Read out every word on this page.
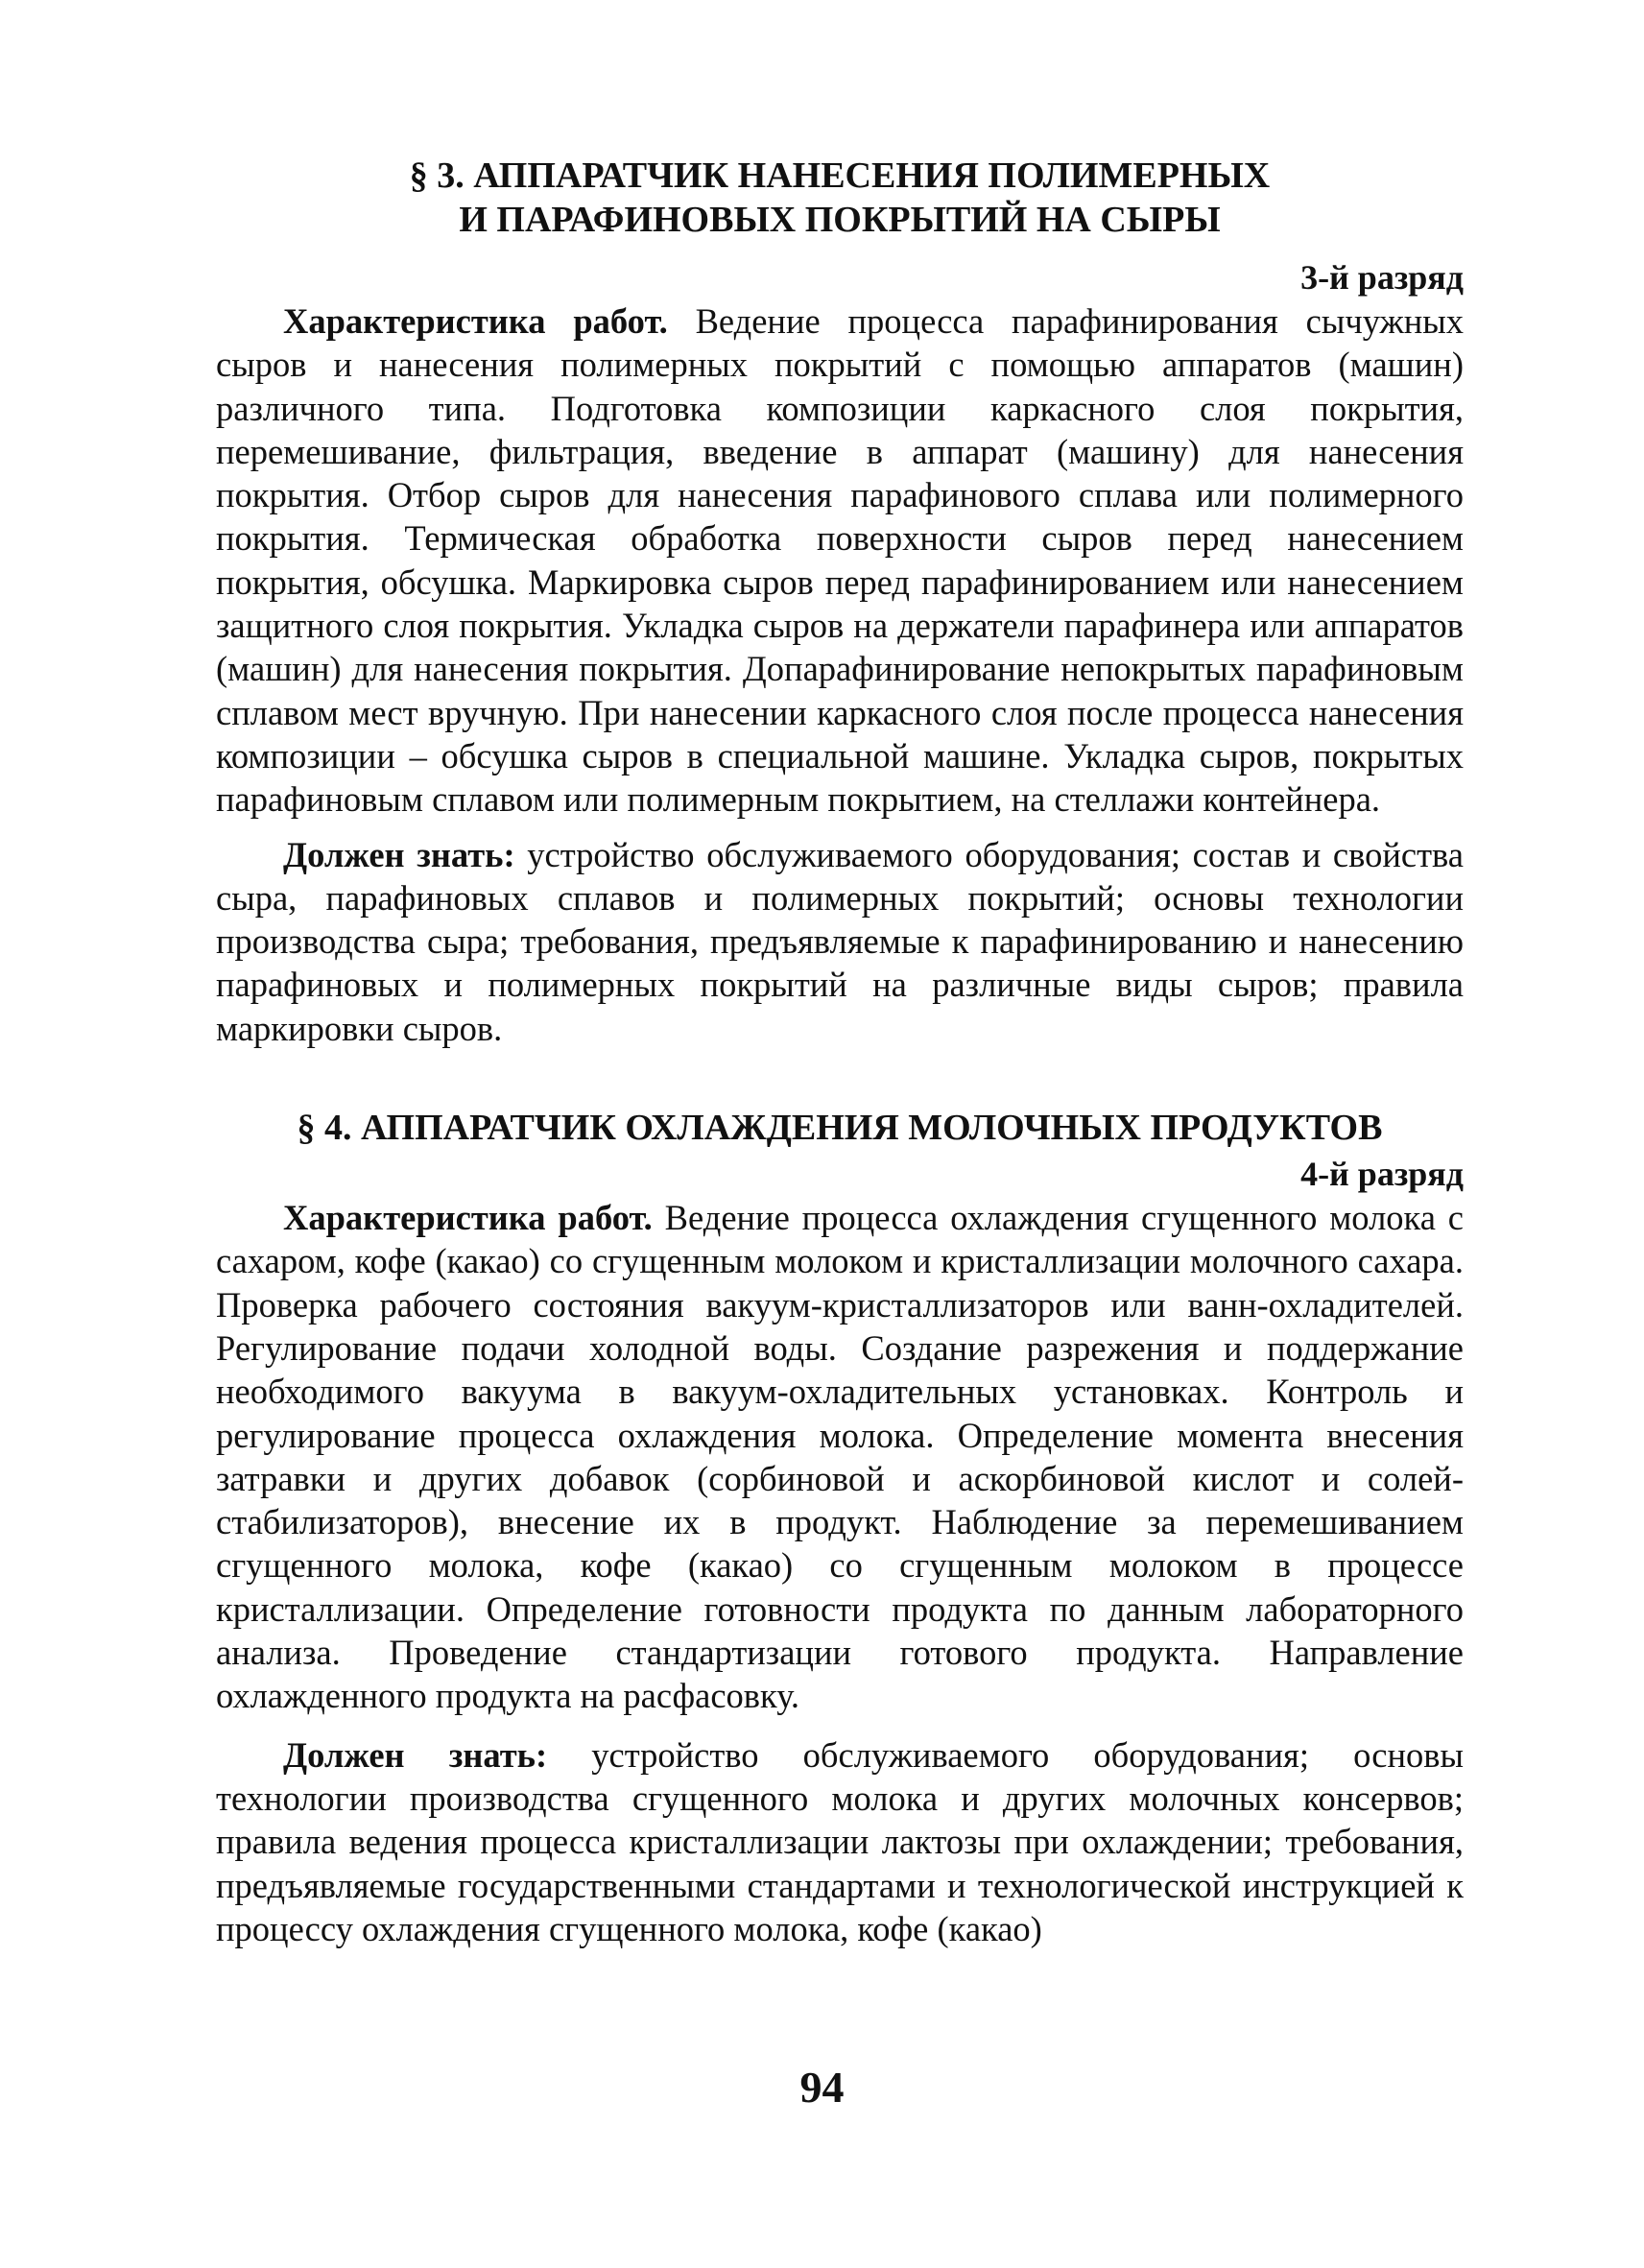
§ 3. АППАРАТЧИК НАНЕСЕНИЯ ПОЛИМЕРНЫХ
И ПАРАФИНОВЫХ ПОКРЫТИЙ НА СЫРЫ
3-й разряд

Характеристика работ. Ведение процесса парафинирования сычужных сыров и нанесения полимерных покрытий с помощью аппаратов (машин) различного типа. Подготовка композиции каркасного слоя покрытия, перемешивание, фильтрация, введение в аппарат (машину) для нанесения покрытия. Отбор сыров для нанесения парафинового сплава или полимерного покрытия. Термическая обработка поверхности сыров перед нанесением покрытия, обсушка. Маркировка сыров перед парафинированием или нанесением защитного слоя покрытия. Укладка сыров на держатели парафинера или аппаратов (машин) для нанесения покрытия. Допарафинирование непокрытых парафиновым сплавом мест вручную. При нанесении каркасного слоя после процесса нанесения композиции – обсушка сыров в специальной машине. Укладка сыров, покрытых парафиновым сплавом или полимерным покрытием, на стеллажи контейнера.

Должен знать: устройство обслуживаемого оборудования; состав и свойства сыра, парафиновых сплавов и полимерных покрытий; основы технологии производства сыра; требования, предъявляемые к парафинированию и нанесению парафиновых и полимерных покрытий на различные виды сыров; правила маркировки сыров.

§ 4. АППАРАТЧИК ОХЛАЖДЕНИЯ МОЛОЧНЫХ ПРОДУКТОВ
4-й разряд

Характеристика работ. Ведение процесса охлаждения сгущенного молока с сахаром, кофе (какао) со сгущенным молоком и кристаллизации молочного сахара. Проверка рабочего состояния вакуум-кристаллизаторов или ванн-охладителей. Регулирование подачи холодной воды. Создание разрежения и поддержание необходимого вакуума в вакуум-охладительных установках. Контроль и регулирование процесса охлаждения молока. Определение момента внесения затравки и других добавок (сорбиновой и аскорбиновой кислот и солей-стабилизаторов), внесение их в продукт. Наблюдение за перемешиванием сгущенного молока, кофе (какао) со сгущенным молоком в процессе кристаллизации. Определение готовности продукта по данным лабораторного анализа. Проведение стандартизации готового продукта. Направление охлажденного продукта на расфасовку.

Должен знать: устройство обслуживаемого оборудования; основы технологии производства сгущенного молока и других молочных консервов; правила ведения процесса кристаллизации лактозы при охлаждении; требования, предъявляемые государственными стандартами и технологической инструкцией к процессу охлаждения сгущенного молока, кофе (какао)

94
